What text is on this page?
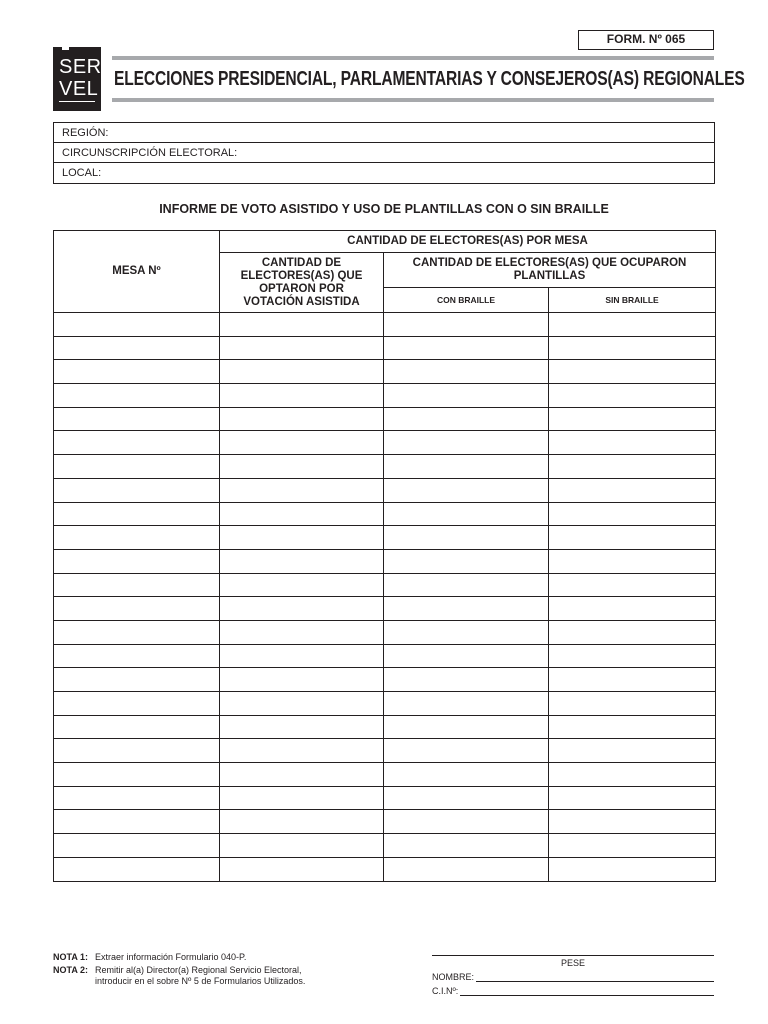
FORM. Nº 065
SER
VEL ELECCIONES PRESIDENCIAL, PARLAMENTARIAS Y CONSEJEROS(AS) REGIONALES
REGIÓN:
CIRCUNSCRIPCIÓN ELECTORAL:
LOCAL:
INFORME DE VOTO ASISTIDO Y USO DE PLANTILLAS CON O SIN BRAILLE
MESA Nº	CANTIDAD DE ELECTORES(AS) POR MESA		
	CANTIDAD DE ELECTORES(AS) QUE OPTARON POR VOTACIÓN ASISTIDA	CANTIDAD DE ELECTORES(AS) QUE OCUPARON PLANTILLAS	
		CON BRAILLE	SIN BRAILLE

NOTA 1: Extraer información Formulario 040-P.
NOTA 2: Remitir al(a) Director(a) Regional Servicio Electoral,
introducir en el sobre Nº 5 de Formularios Utilizados.
PESE
NOMBRE:
C.I.Nº:
